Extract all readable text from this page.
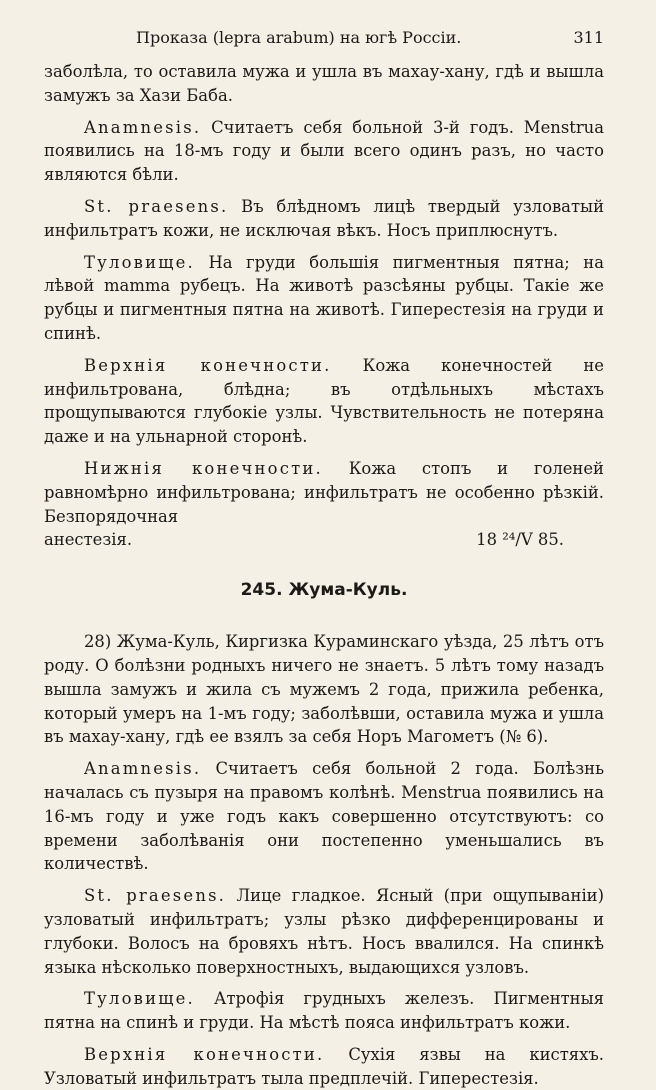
Проказа (lepra arabum) на югѣ Россіи.	311

заболѣла, то оставила мужа и ушла въ махау-хану, гдѣ и вышла замужъ за Хази Баба.

Anamnesis. Считаетъ себя больной 3-й годъ. Menstrua появились на 18-мъ году и были всего одинъ разъ, но часто являются бѣли.

St. praesens. Въ блѣдномъ лицѣ твердый узловатый инфильтратъ кожи, не исключая вѣкъ. Носъ приплюснутъ.

Туловище. На груди большія пигментныя пятна; на лѣвой mamma рубецъ. На животѣ разсѣяны рубцы. Такіе же рубцы и пигментныя пятна на животѣ. Гиперестезія на груди и спинѣ.

Верхнія конечности. Кожа конечностей не инфильтрована, блѣдна; въ отдѣльныхъ мѣстахъ прощупываются глубокіе узлы. Чувствительность не потеряна даже и на ульнарной сторонѣ.

Нижнія конечности. Кожа стопъ и голеней равномѣрно инфильтрована; инфильтратъ не особенно рѣзкій. Безпорядочная
анестезія.	18 ²⁴/V 85.
245. Жума-Куль.

28) Жума-Куль, Киргизка Кураминскаго уѣзда, 25 лѣтъ отъ роду. О болѣзни родныхъ ничего не знаетъ. 5 лѣтъ тому назадъ вышла замужъ и жила съ мужемъ 2 года, прижила ребенка, который умеръ на 1-мъ году; заболѣвши, оставила мужа и ушла въ махау-хану, гдѣ ее взялъ за себя Норъ Магометъ (№ 6).

Anamnesis. Считаетъ себя больной 2 года. Болѣзнь началась съ пузыря на правомъ колѣнѣ. Menstrua появились на 16-мъ году и уже годъ какъ совершенно отсутствуютъ: со времени заболѣванія они постепенно уменьшались въ количествѣ.

St. praesens. Лице гладкое. Ясный (при ощупываніи) узловатый инфильтратъ; узлы рѣзко дифференцированы и глубоки. Волосъ на бровяхъ нѣтъ. Носъ ввалился. На спинкѣ языка нѣсколько поверхностныхъ, выдающихся узловъ.

Туловище. Атрофія грудныхъ железъ. Пигментныя пятна на спинѣ и груди. На мѣстѣ пояса инфильтратъ кожи.

Верхнія конечности. Сухія язвы на кистяхъ. Узловатый инфильтратъ тыла предплечій. Гиперестезія.
